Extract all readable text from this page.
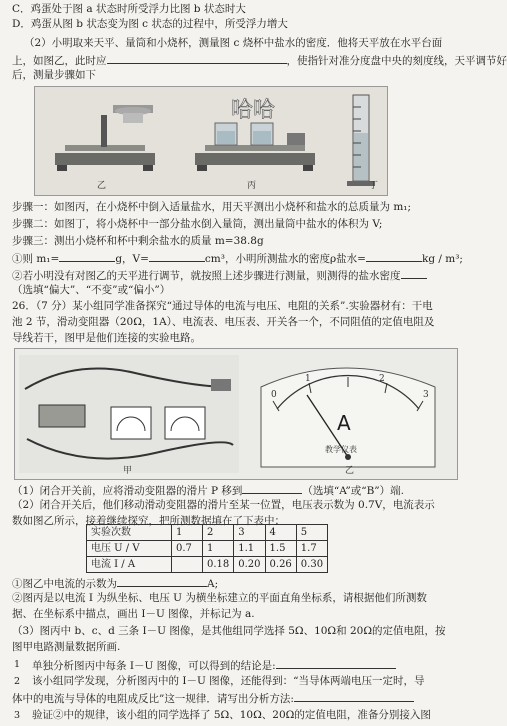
C．鸡蛋处于图 a 状态时所受浮力比图 b 状态时大
D．鸡蛋从图 b 状态变为图 c 状态的过程中，所受浮力增大
（2）小明取来天平、量筒和小烧杯，测量图 c 烧杯中盐水的密度．他将天平放在水平台面
上，如图乙，此时应	，使指针对准分度盘中央的刻度线，天平调节好
后，测量步骤如下
哈哈
乙	丙	丁
步骤一：如图丙，在小烧杯中倒入适量盐水，用天平测出小烧杯和盐水的总质量为 m₁;
步骤二：如图丁，将小烧杯中一部分盐水倒入量筒，测出量筒中盐水的体积为 V;
步骤三：测出小烧杯和杯中剩余盐水的质量 m=38.8g
①则 m₁=	g，V=	cm³，小明所测盐水的密度ρ盐水=	kg / m³;
②若小明没有对图乙的天平进行调节，就按照上述步骤进行测量，则测得的盐水密度
（选填“偏大”、“不变”或“偏小”）
26．（7 分）某小组同学准备探究“通过导体的电流与电压、电阻的关系”.实验器材有：干电
池 2 节，滑动变阻器（20Ω，1A）、电流表、电压表、开关各一个，不同阻值的定值电阻及
导线若干，图甲是他们连接的实验电路。
0
1	2
3
A
教学仪表
甲	乙
（1）闭合开关前，应将滑动变阻器的滑片 P 移到	（选填“A”或“B”）端.
（2）闭合开关后，他们移动滑动变阻器的滑片至某一位置，电压表示数为 0.7V，电流表示
数如图乙所示，接着继续探究，把所测数据填在了下表中：
实验次数	1	2	3	4	5
电压 U / V	0.7	1	1.1	1.5	1.7
电流 I / A		0.18	0.20	0.26	0.30
①图乙中电流的示数为	A;
②图丙是以电流 I 为纵坐标、电压 U 为横坐标建立的平面直角坐标系，请根据他们所测数
据、在坐标系中描点，画出 I－U 图像，并标记为 a.
（3）图丙中 b、c、d 三条 I－U 图像，是其他组同学选择 5Ω、10Ω和 20Ω的定值电阻，按
图甲电路测量数据所画.
1 单独分析图丙中每条 I－U 图像，可以得到的结论是:
2 该小组同学发现，分析图丙中的 I－U 图像，还能得到：“当导体两端电压一定时，导
体中的电流与导体的电阻成反比”这一规律．请写出分析方法:
3 验证②中的规律，该小组的同学选择了 5Ω、10Ω、20Ω的定值电阻，准备分别接入图
